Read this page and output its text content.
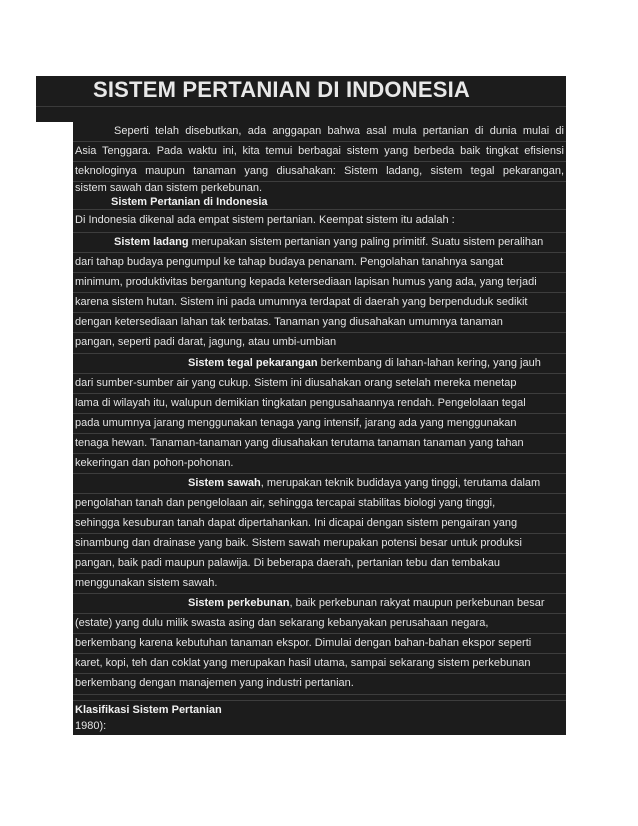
SISTEM PERTANIAN DI INDONESIA
Seperti telah disebutkan, ada anggapan bahwa asal mula pertanian di dunia mulai di
Asia Tenggara. Pada waktu ini, kita temui berbagai sistem yang berbeda baik tingkat efisiensi
teknologinya maupun tanaman yang diusahakan: Sistem ladang, sistem tegal pekarangan,
sistem sawah dan sistem perkebunan.
Sistem Pertanian di Indonesia
Di Indonesia dikenal ada empat sistem pertanian. Keempat sistem itu adalah :
Sistem ladang merupakan sistem pertanian yang paling primitif. Suatu sistem peralihan
dari tahap budaya pengumpul ke tahap budaya penanam. Pengolahan tanahnya sangat
minimum, produktivitas bergantung kepada ketersediaan lapisan humus yang ada, yang terjadi
karena sistem hutan. Sistem ini pada umumnya terdapat di daerah yang berpenduduk sedikit
dengan ketersediaan lahan tak terbatas. Tanaman yang diusahakan umumnya tanaman
pangan, seperti padi darat, jagung, atau umbi-umbian
Sistem tegal pekarangan berkembang di lahan-lahan kering, yang jauh
dari sumber-sumber air yang cukup. Sistem ini diusahakan orang setelah mereka menetap
lama di wilayah itu, walupun demikian tingkatan pengusahaannya rendah. Pengelolaan tegal
pada umumnya jarang menggunakan tenaga yang intensif, jarang ada yang menggunakan
tenaga hewan. Tanaman-tanaman yang diusahakan terutama tanaman tanaman yang tahan
kekeringan dan pohon-pohonan.
Sistem sawah, merupakan teknik budidaya yang tinggi, terutama dalam
pengolahan tanah dan pengelolaan air, sehingga tercapai stabilitas biologi yang tinggi,
sehingga kesuburan tanah dapat dipertahankan. Ini dicapai dengan sistem pengairan yang
sinambung dan drainase yang baik. Sistem sawah merupakan potensi besar untuk produksi
pangan, baik padi maupun palawija. Di beberapa daerah, pertanian tebu dan tembakau
menggunakan sistem sawah.
Sistem perkebunan, baik perkebunan rakyat maupun perkebunan besar
(estate) yang dulu milik swasta asing dan sekarang kebanyakan perusahaan negara,
berkembang karena kebutuhan tanaman ekspor. Dimulai dengan bahan-bahan ekspor seperti
karet, kopi, teh dan coklat yang merupakan hasil utama, sampai sekarang sistem perkebunan
berkembang dengan manajemen yang industri pertanian.
Klasifikasi Sistem Pertanian
1980):
